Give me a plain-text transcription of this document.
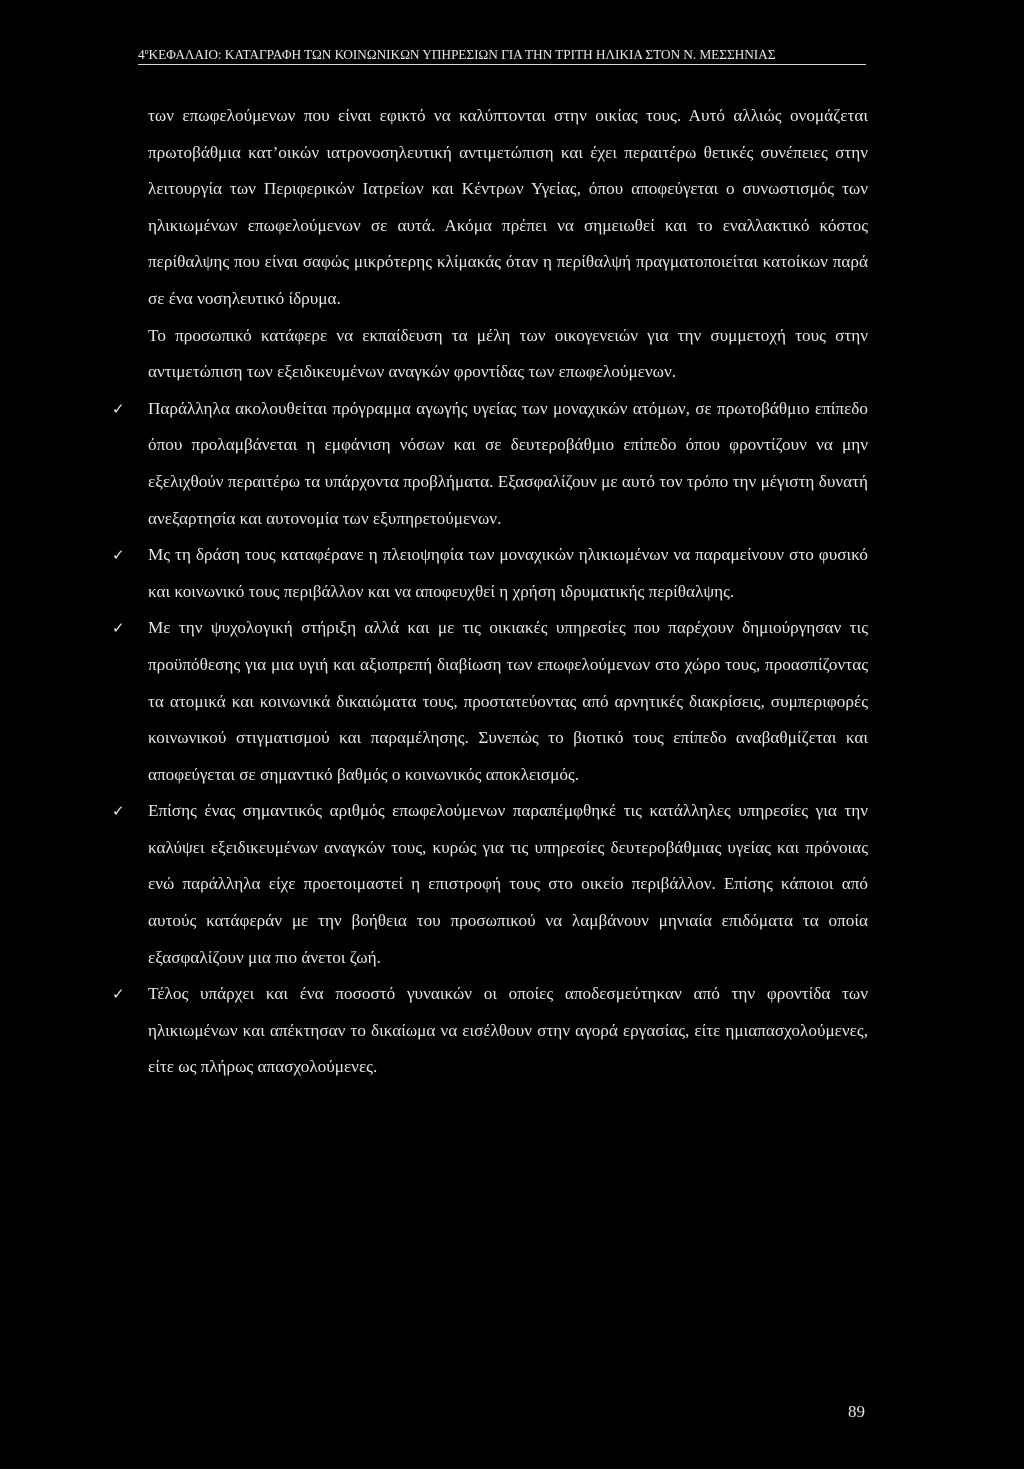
$4^oKE\Phi A\Lambda AIO$: ΚΑΤΑΓΡΑΦΗ ΤΩΝ ΚΟΙΝΩΝΙΚΩΝ ΥΠΗΡΕΣΙΩΝ ΓΙΑ ΤΗΝ ΤΡΙΤΗ ΗΛΙΚΙΑ ΣΤΟΝ Ν. ΜΕΣΣΗΝΙΑΣ

των επωφελούμενων που είναι εφικτό να καλύπτονται στην οικίας τους. Αυτό αλλιώς ονομάζεται πρωτοβάθμια κατ’οικών ιατρονοσηλευτική αντιμετώπιση και έχει περαιτέρω θετικές συνέπειες στην λειτουργία των Περιφερικών Ιατρείων και Κέντρων Υγείας, όπου αποφεύγεται ο συνωστισμός των ηλικιωμένων επωφελούμενων σε αυτά. Ακόμα πρέπει να σημειωθεί και το εναλλακτικό κόστος περίθαλψης που είναι σαφώς μικρότερης κλίμακάς όταν η περίθαλψή πραγματοποιείται κατοίκων παρά σε ένα νοσηλευτικό ίδρυμα.

Το προσωπικό κατάφερε να εκπαίδευση τα μέλη των οικογενειών για την συμμετοχή τους στην αντιμετώπιση των εξειδικευμένων αναγκών φροντίδας των επωφελούμενων.

✓ Παράλληλα ακολουθείται πρόγραμμα αγωγής υγείας των μοναχικών ατόμων, σε πρωτοβάθμιο επίπεδο όπου προλαμβάνεται η εμφάνιση νόσων και σε δευτεροβάθμιο επίπεδο όπου φροντίζουν να μην εξελιχθούν περαιτέρω τα υπάρχοντα προβλήματα. Εξασφαλίζουν με αυτό τον τρόπο την μέγιστη δυνατή ανεξαρτησία και αυτονομία των εξυπηρετούμενων.

✓ Μς τη δράση τους καταφέρανε η πλειοψηφία των μοναχικών ηλικιωμένων να παραμείνουν στο φυσικό και κοινωνικό τους περιβάλλον και να αποφευχθεί η χρήση ιδρυματικής περίθαλψης.

✓ Με την ψυχολογική στήριξη αλλά και με τις οικιακές υπηρεσίες που παρέχουν δημιούργησαν τις προϋπόθεσης για μια υγιή και αξιοπρεπή διαβίωση των επωφελούμενων στο χώρο τους, προασπίζοντας τα ατομικά και κοινωνικά δικαιώματα τους, προστατεύοντας από αρνητικές διακρίσεις, συμπεριφορές κοινωνικού στιγματισμού και παραμέλησης. Συνεπώς το βιοτικό τους επίπεδο αναβαθμίζεται και αποφεύγεται σε σημαντικό βαθμός ο κοινωνικός αποκλεισμός.

✓ Επίσης ένας σημαντικός αριθμός επωφελούμενων παραπέμφθηκέ τις κατάλληλες υπηρεσίες για την καλύψει εξειδικευμένων αναγκών τους, κυρώς για τις υπηρεσίες δευτεροβάθμιας υγείας και πρόνοιας ενώ παράλληλα είχε προετοιμαστεί η επιστροφή τους στο οικείο περιβάλλον. Επίσης κάποιοι από αυτούς κατάφεράν με την βοήθεια του προσωπικού να λαμβάνουν μηνιαία επιδόματα τα οποία εξασφαλίζουν μια πιο άνετοι ζωή.

✓ Τέλος υπάρχει και ένα ποσοστό γυναικών οι οποίες αποδεσμεύτηκαν από την φροντίδα των ηλικιωμένων και απέκτησαν το δικαίωμα να εισέλθουν στην αγορά εργασίας, είτε ημιαπασχολούμενες, είτε ως πλήρως απασχολούμενες.

89
